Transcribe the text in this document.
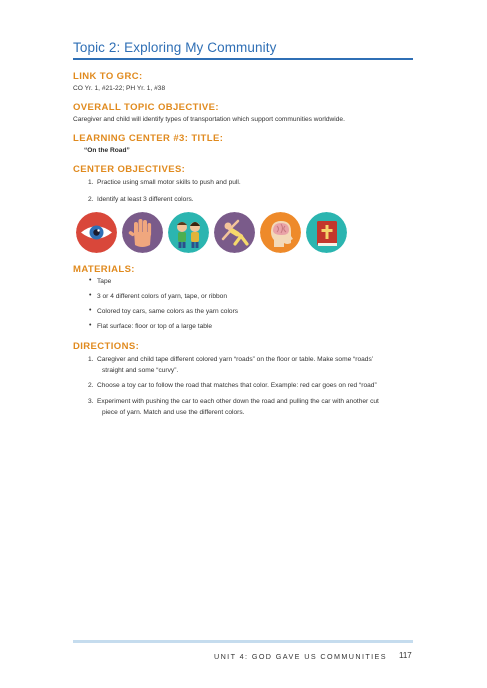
Topic 2: Exploring My Community
LINK TO GRC:
CO Yr. 1, #21-22; PH Yr. 1, #38
OVERALL TOPIC OBJECTIVE:
Caregiver and child will identify types of transportation which support communities worldwide.
LEARNING CENTER #3: TITLE:
“On the Road”
CENTER OBJECTIVES:
1. Practice using small motor skills to push and pull.
2. Identify at least 3 different colors.
MATERIALS:
• Tape
• 3 or 4 different colors of yarn, tape, or ribbon
• Colored toy cars, same colors as the yarn colors
• Flat surface: floor or top of a large table
DIRECTIONS:
1. Caregiver and child tape different colored yarn “roads” on the floor or table. Make some “roads’
straight and some “curvy”.
2. Choose a toy car to follow the road that matches that color. Example: red car goes on red “road”
3. Experiment with pushing the car to each other down the road and pulling the car with another cut
piece of yarn. Match and use the different colors.
UNIT 4: GOD GAVE US COMMUNITIES 117
